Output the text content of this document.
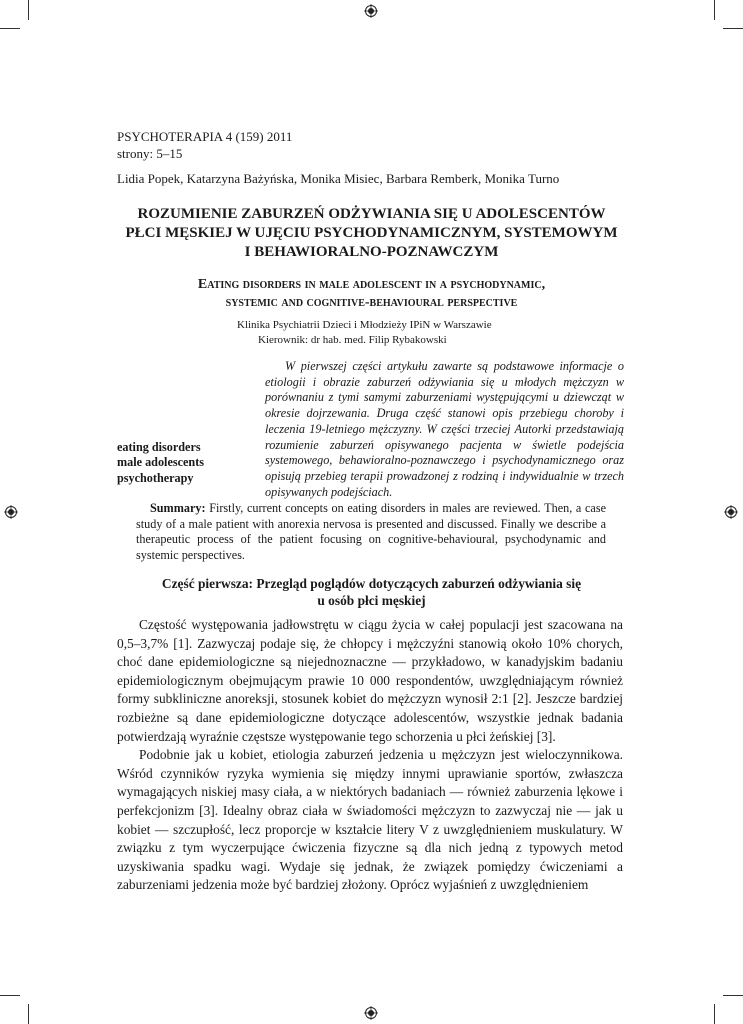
PSYCHOTERAPIA 4 (159) 2011
strony: 5–15
Lidia Popek, Katarzyna Bażyńska, Monika Misiec, Barbara Remberk, Monika Turno
ROZUMIENIE ZABURZEŃ ODŻYWIANIA SIĘ U ADOLESCENTÓW
PŁCI MĘSKIEJ W UJĘCIU PSYCHODYNAMICZNYM, SYSTEMOWYM
I BEHAWIORALNO-POZNAWCZYM
Eating disorders in male adolescent in a psychodynamic,
systemic and cognitive-behavioural perspective
Klinika Psychiatrii Dzieci i Młodzieży IPiN w Warszawie
Kierownik: dr hab. med. Filip Rybakowski
W pierwszej części artykułu zawarte są podstawowe informacje o etiologii i obrazie zaburzeń odżywiania się u młodych mężczyzn w porównaniu z tymi samymi zaburzeniami występującymi u dziewcząt w okresie dojrzewania. Druga część stanowi opis przebiegu choroby i leczenia 19-letniego mężczyzny. W części trzeciej Autorki przedstawiają rozumienie zaburzeń opisywanego pacjenta w świetle podejścia systemowego, behawioralno-poznawczego i psychodynamicznego oraz opisują przebieg terapii prowadzonej z rodziną i indywidualnie w trzech opisywanych podejściach.
eating disorders
male adolescents
psychotherapy
Summary: Firstly, current concepts on eating disorders in males are reviewed. Then, a case study of a male patient with anorexia nervosa is presented and discussed. Finally we describe a therapeutic process of the patient focusing on cognitive-behavioural, psychodynamic and systemic perspectives.
Część pierwsza: Przegląd poglądów dotyczących zaburzeń odżywiania się
u osób płci męskiej

Częstość występowania jadłowstrętu w ciągu życia w całej populacji jest szacowana na 0,5–3,7% [1]. Zazwyczaj podaje się, że chłopcy i mężczyźni stanowią około 10% chorych, choć dane epidemiologiczne są niejednoznaczne — przykładowo, w kanadyjskim badaniu epidemiologicznym obejmującym prawie 10 000 respondentów, uwzględniającym również formy subkliniczne anoreksji, stosunek kobiet do mężczyzn wynosił 2:1 [2]. Jeszcze bardziej rozbieżne są dane epidemiologiczne dotyczące adolescentów, wszystkie jednak badania potwierdzają wyraźnie częstsze występowanie tego schorzenia u płci żeńskiej [3].

Podobnie jak u kobiet, etiologia zaburzeń jedzenia u mężczyzn jest wieloczynnikowa. Wśród czynników ryzyka wymienia się między innymi uprawianie sportów, zwłaszcza wymagających niskiej masy ciała, a w niektórych badaniach — również zaburzenia lękowe i perfekcjonizm [3]. Idealny obraz ciała w świadomości mężczyzn to zazwyczaj nie — jak u kobiet — szczupłość, lecz proporcje w kształcie litery V z uwzględnieniem muskulatury. W związku z tym wyczerpujące ćwiczenia fizyczne są dla nich jedną z typowych metod uzyskiwania spadku wagi. Wydaje się jednak, że związek pomiędzy ćwiczeniami a zaburzeniami jedzenia może być bardziej złożony. Oprócz wyjaśnień z uwzględnieniem
